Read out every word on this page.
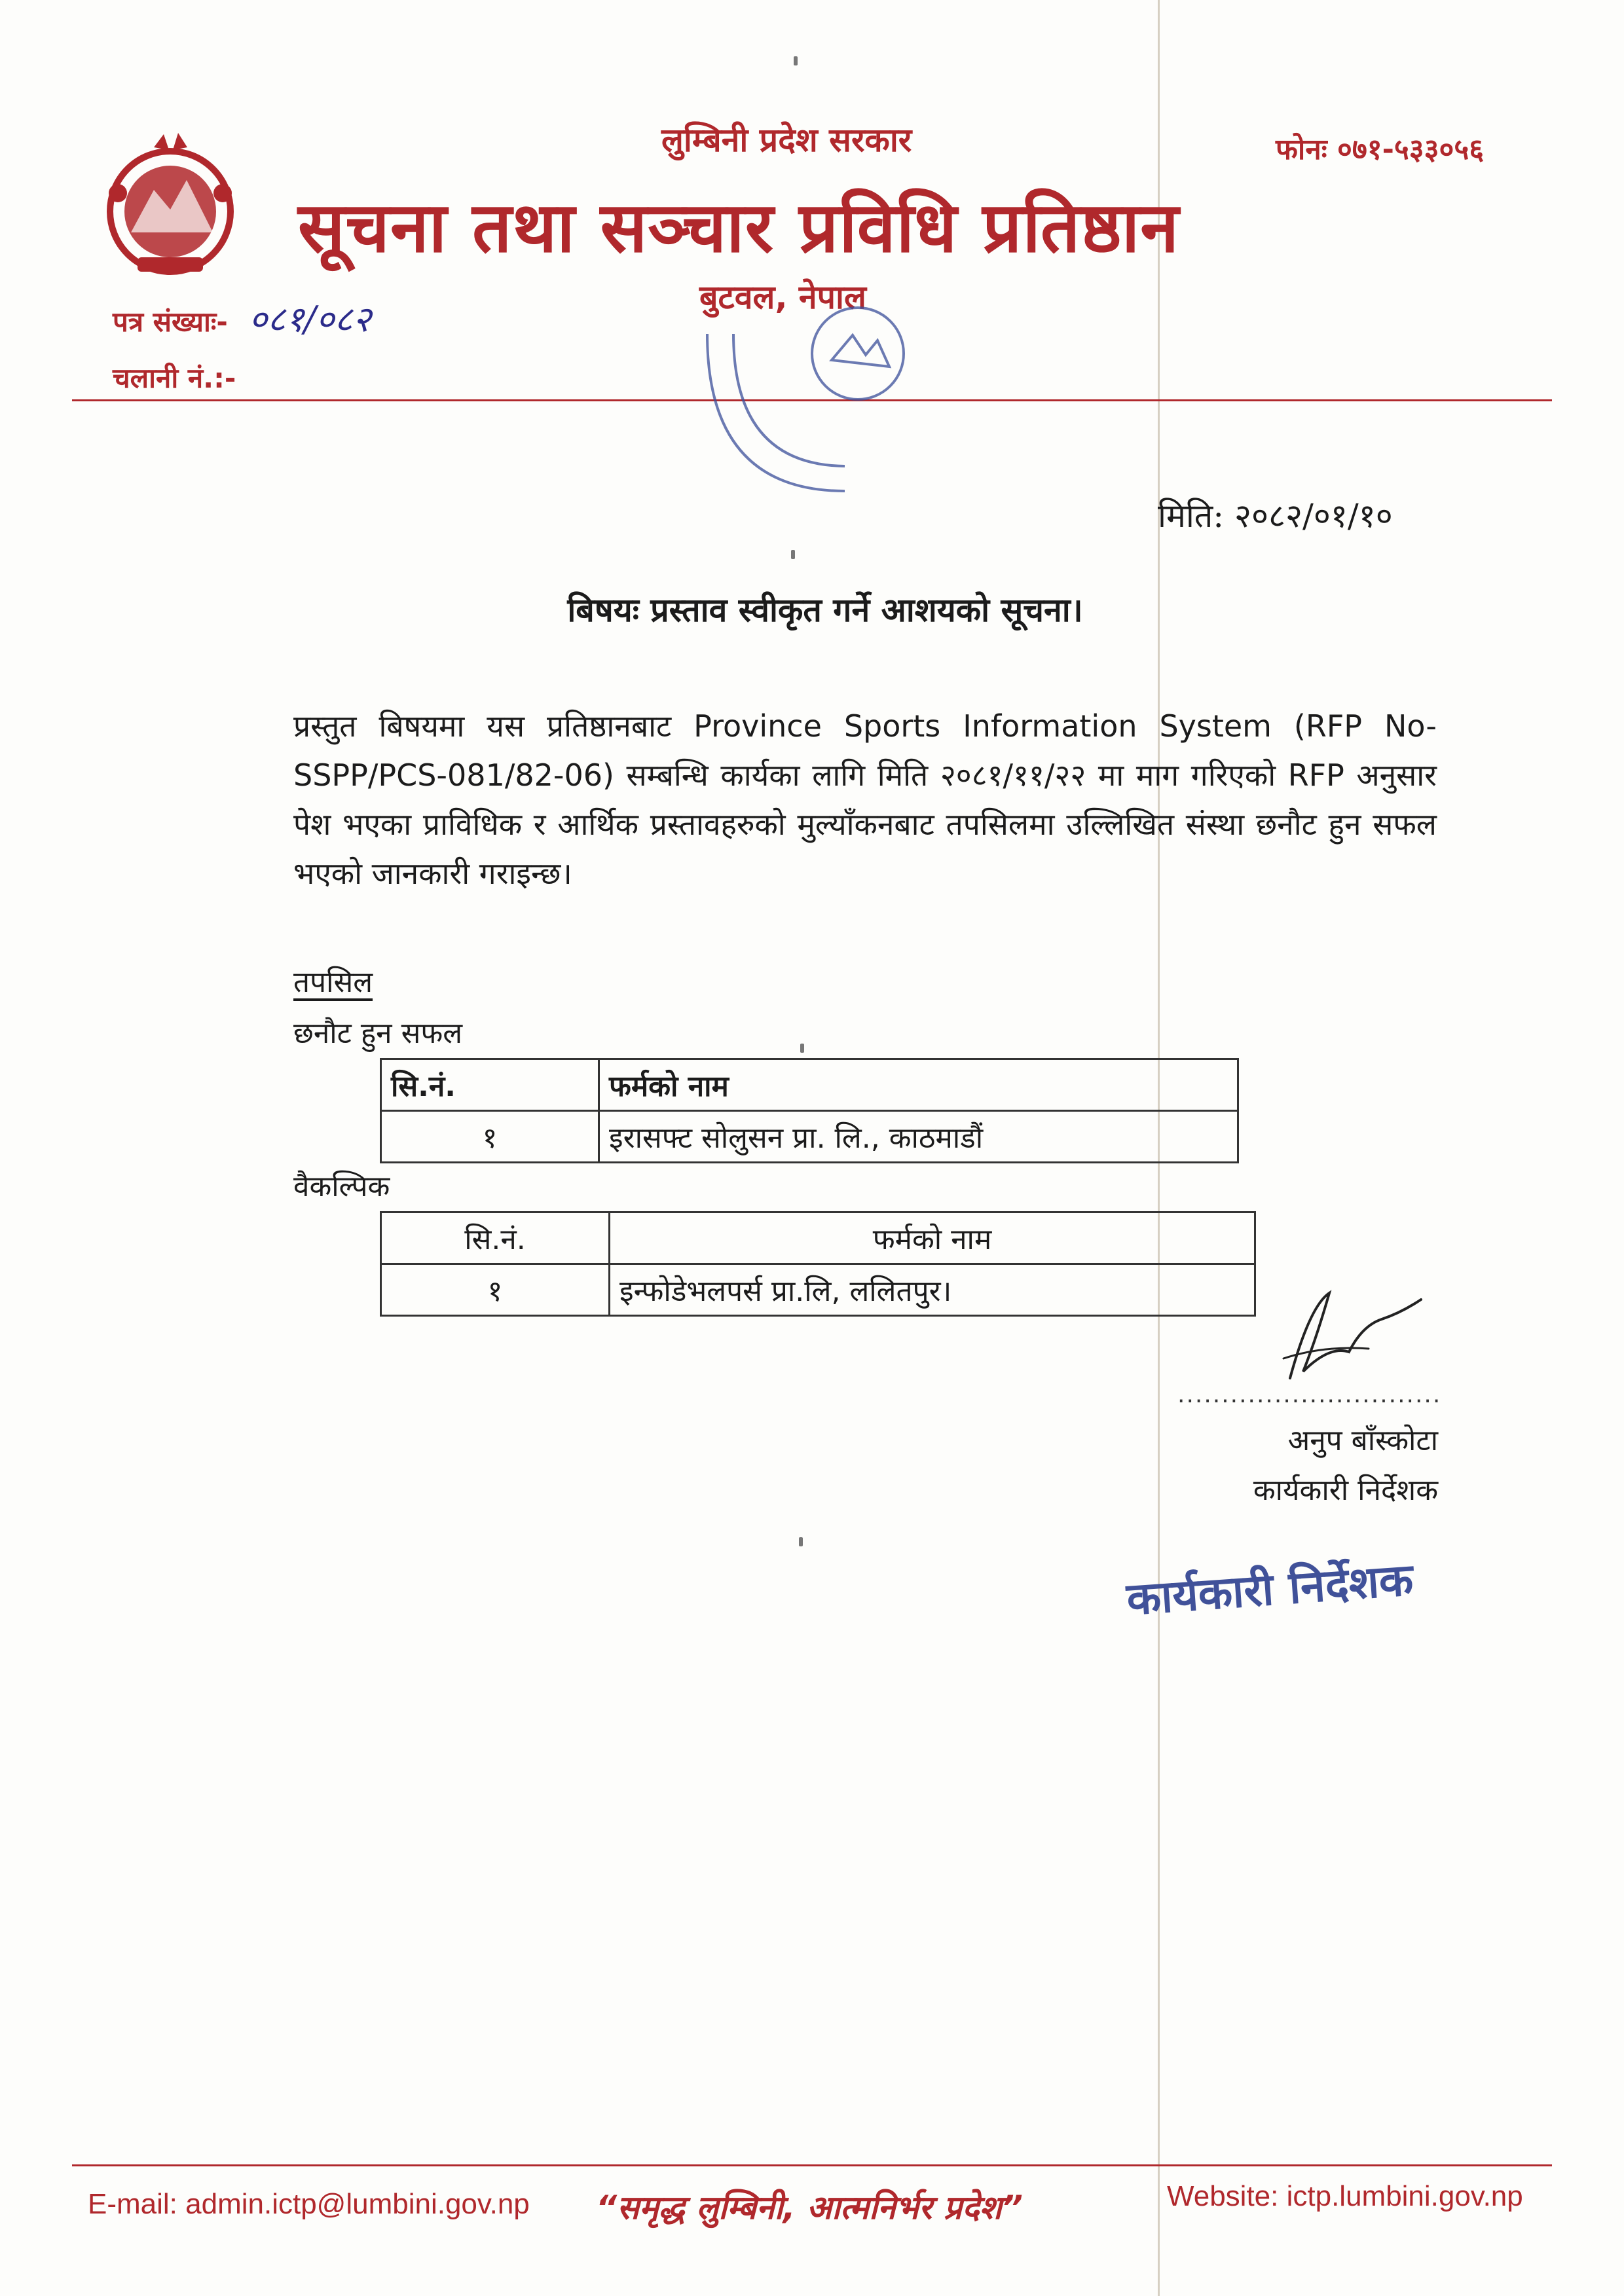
लुम्बिनी प्रदेश सरकार	फोनः ०७१-५३३०५६
सूचना तथा सञ्चार प्रविधि प्रतिष्ठान
बुटवल, नेपाल
पत्र संख्याः- ०८१/०८२
चलानी नं.:-
मिति: २०८२/०१/१०
बिषयः प्रस्ताव स्वीकृत गर्ने आशयको सूचना।
प्रस्तुत बिषयमा यस प्रतिष्ठानबाट Province Sports Information System (RFP No-SSPP/PCS-081/82-06) सम्बन्धि कार्यका लागि मिति २०८१/११/२२ मा माग गरिएको RFP अनुसार पेश भएका प्राविधिक र आर्थिक प्रस्तावहरुको मुल्याँकनबाट तपसिलमा उल्लिखित संस्था छनौट हुन सफल भएको जानकारी गराइन्छ।
तपसिल
छनौट हुन सफल
सि.नं.	फर्मको नाम
१	इरासफ्ट सोलुसन प्रा. लि., काठमाडौं
वैकल्पिक
सि.नं.	फर्मको नाम
१	इन्फोडेभलपर्स प्रा.लि, ललितपुर।
..............................
अनुप बाँस्कोटा
कार्यकारी निर्देशक
कार्यकारी निर्देशक
E-mail: admin.ictp@lumbini.gov.np “समृद्ध लुम्बिनी, आत्मनिर्भर प्रदेश”	Website: ictp.lumbini.gov.np
